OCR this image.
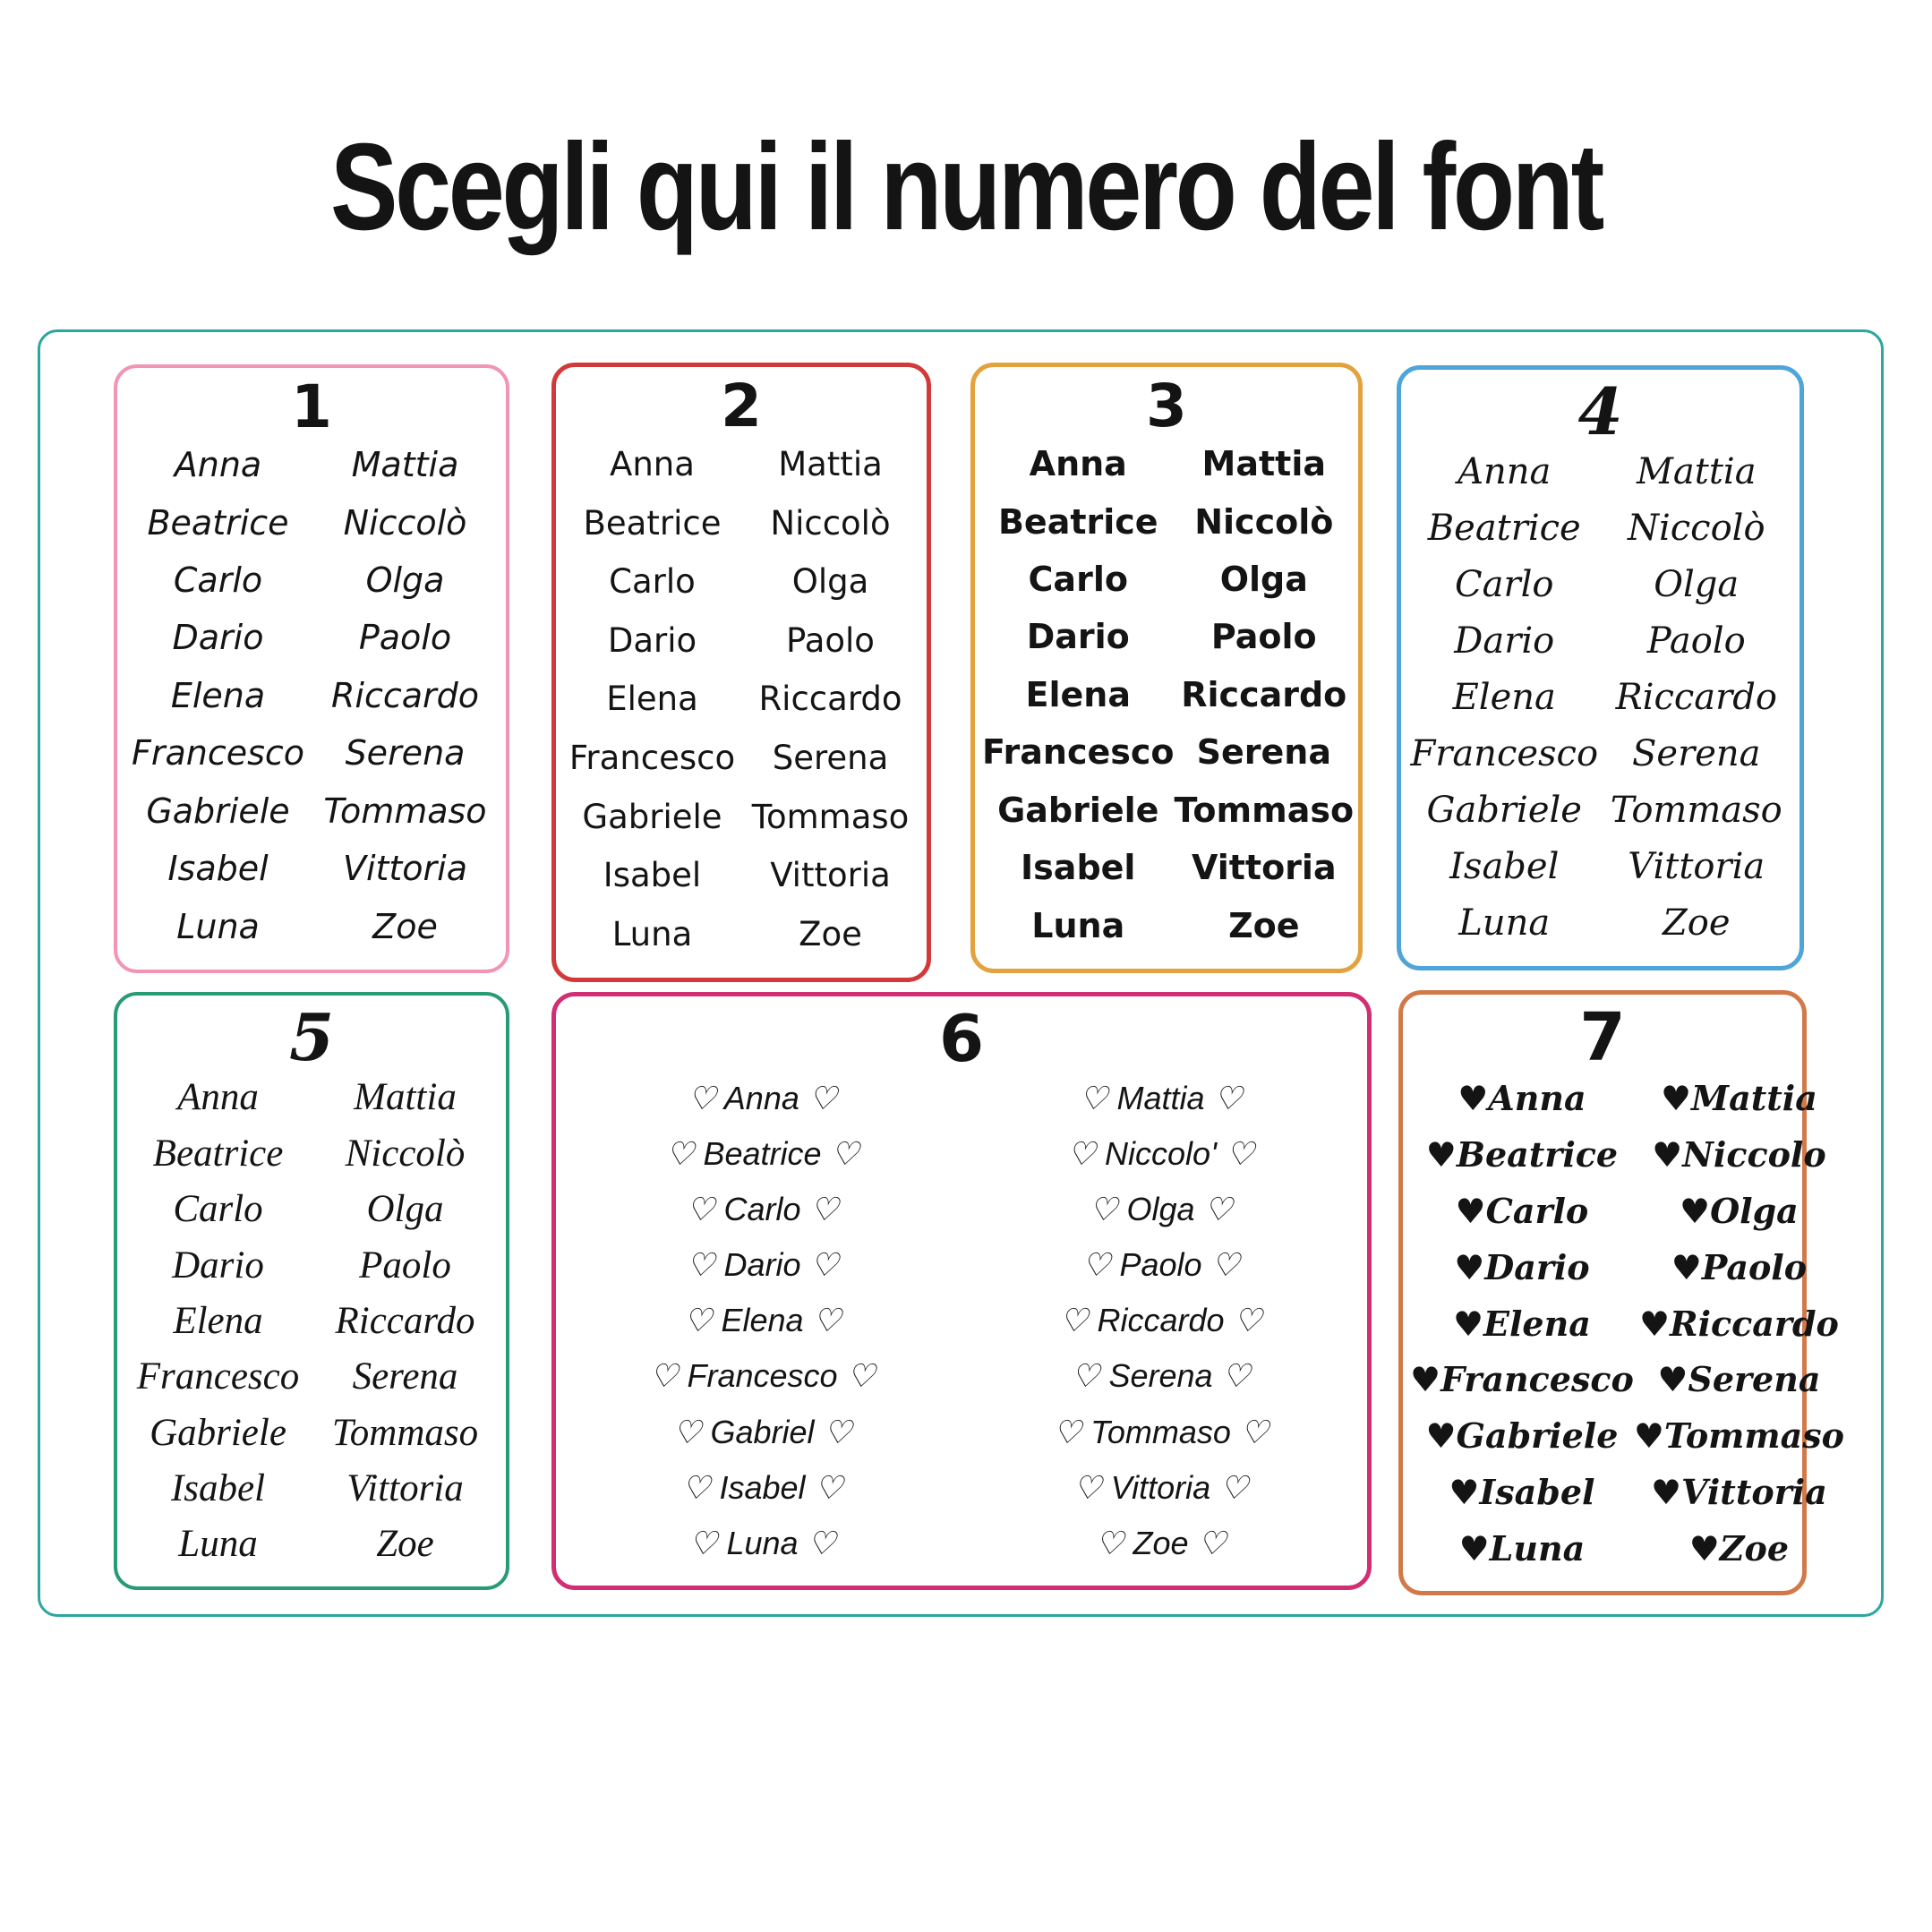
Scegli qui il numero del font
1
Anna
Beatrice
Carlo
Dario
Elena
Francesco
Gabriele
Isabel
Luna
Mattia
Niccolò
Olga
Paolo
Riccardo
Serena
Tommaso
Vittoria
Zoe
2
Anna
Beatrice
Carlo
Dario
Elena
Francesco
Gabriele
Isabel
Luna
Mattia
Niccolò
Olga
Paolo
Riccardo
Serena
Tommaso
Vittoria
Zoe
3
Anna
Beatrice
Carlo
Dario
Elena
Francesco
Gabriele
Isabel
Luna
Mattia
Niccolò
Olga
Paolo
Riccardo
Serena
Tommaso
Vittoria
Zoe
4
Anna
Beatrice
Carlo
Dario
Elena
Francesco
Gabriele
Isabel
Luna
Mattia
Niccolò
Olga
Paolo
Riccardo
Serena
Tommaso
Vittoria
Zoe
5
Anna
Beatrice
Carlo
Dario
Elena
Francesco
Gabriele
Isabel
Luna
Mattia
Niccolò
Olga
Paolo
Riccardo
Serena
Tommaso
Vittoria
Zoe
6
♡ Anna ♡
♡ Beatrice ♡
♡ Carlo ♡
♡ Dario ♡
♡ Elena ♡
♡ Francesco ♡
♡ Gabriel ♡
♡ Isabel ♡
♡ Luna ♡
♡ Mattia ♡
♡ Niccolo' ♡
♡ Olga ♡
♡ Paolo ♡
♡ Riccardo ♡
♡ Serena ♡
♡ Tommaso ♡
♡ Vittoria ♡
♡ Zoe ♡
7
♥Anna
♥Beatrice
♥Carlo
♥Dario
♥Elena
♥Francesco
♥Gabriele
♥Isabel
♥Luna
♥Mattia
♥Niccolo
♥Olga
♥Paolo
♥Riccardo
♥Serena
♥Tommaso
♥Vittoria
♥Zoe
